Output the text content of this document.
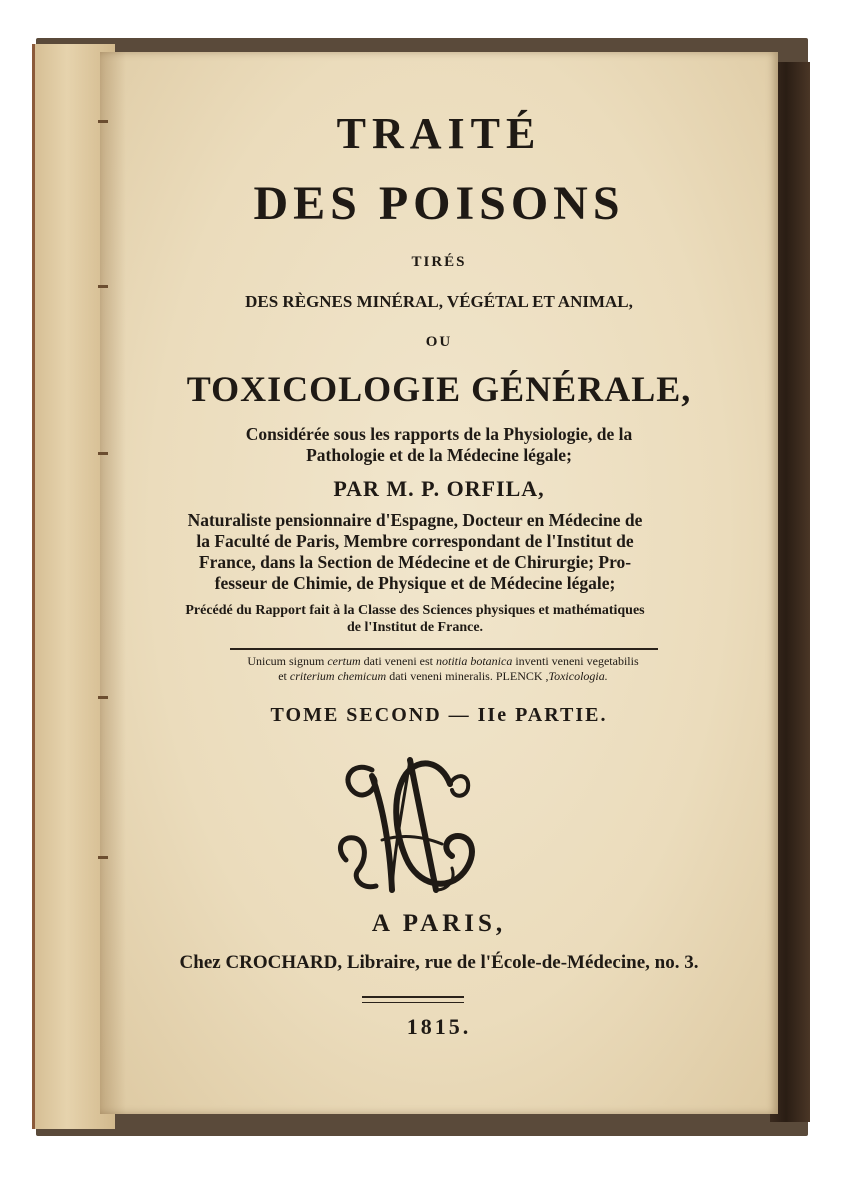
TRAITÉ
DES POISONS
TIRÉS
DES RÈGNES MINÉRAL, VÉGÉTAL ET ANIMAL,
OU
TOXICOLOGIE GÉNÉRALE,
Considérée sous les rapports de la Physiologie, de la
Pathologie et de la Médecine légale;
PAR M. P. ORFILA,
Naturaliste pensionnaire d'Espagne, Docteur en Médecine de
la Faculté de Paris, Membre correspondant de l'Institut de
France, dans la Section de Médecine et de Chirurgie; Pro-
fesseur de Chimie, de Physique et de Médecine légale;
Précédé du Rapport fait à la Classe des Sciences physiques et mathématiques
de l'Institut de France.
Unicum signum certum dati veneni est notitia botanica inventi veneni vegetabilis
et criterium chemicum dati veneni mineralis. PLENCK ,Toxicologia.
TOME SECOND — IIe PARTIE.
A PARIS,
Chez CROCHARD, Libraire, rue de l'École-de-Médecine, no. 3.
1815.
